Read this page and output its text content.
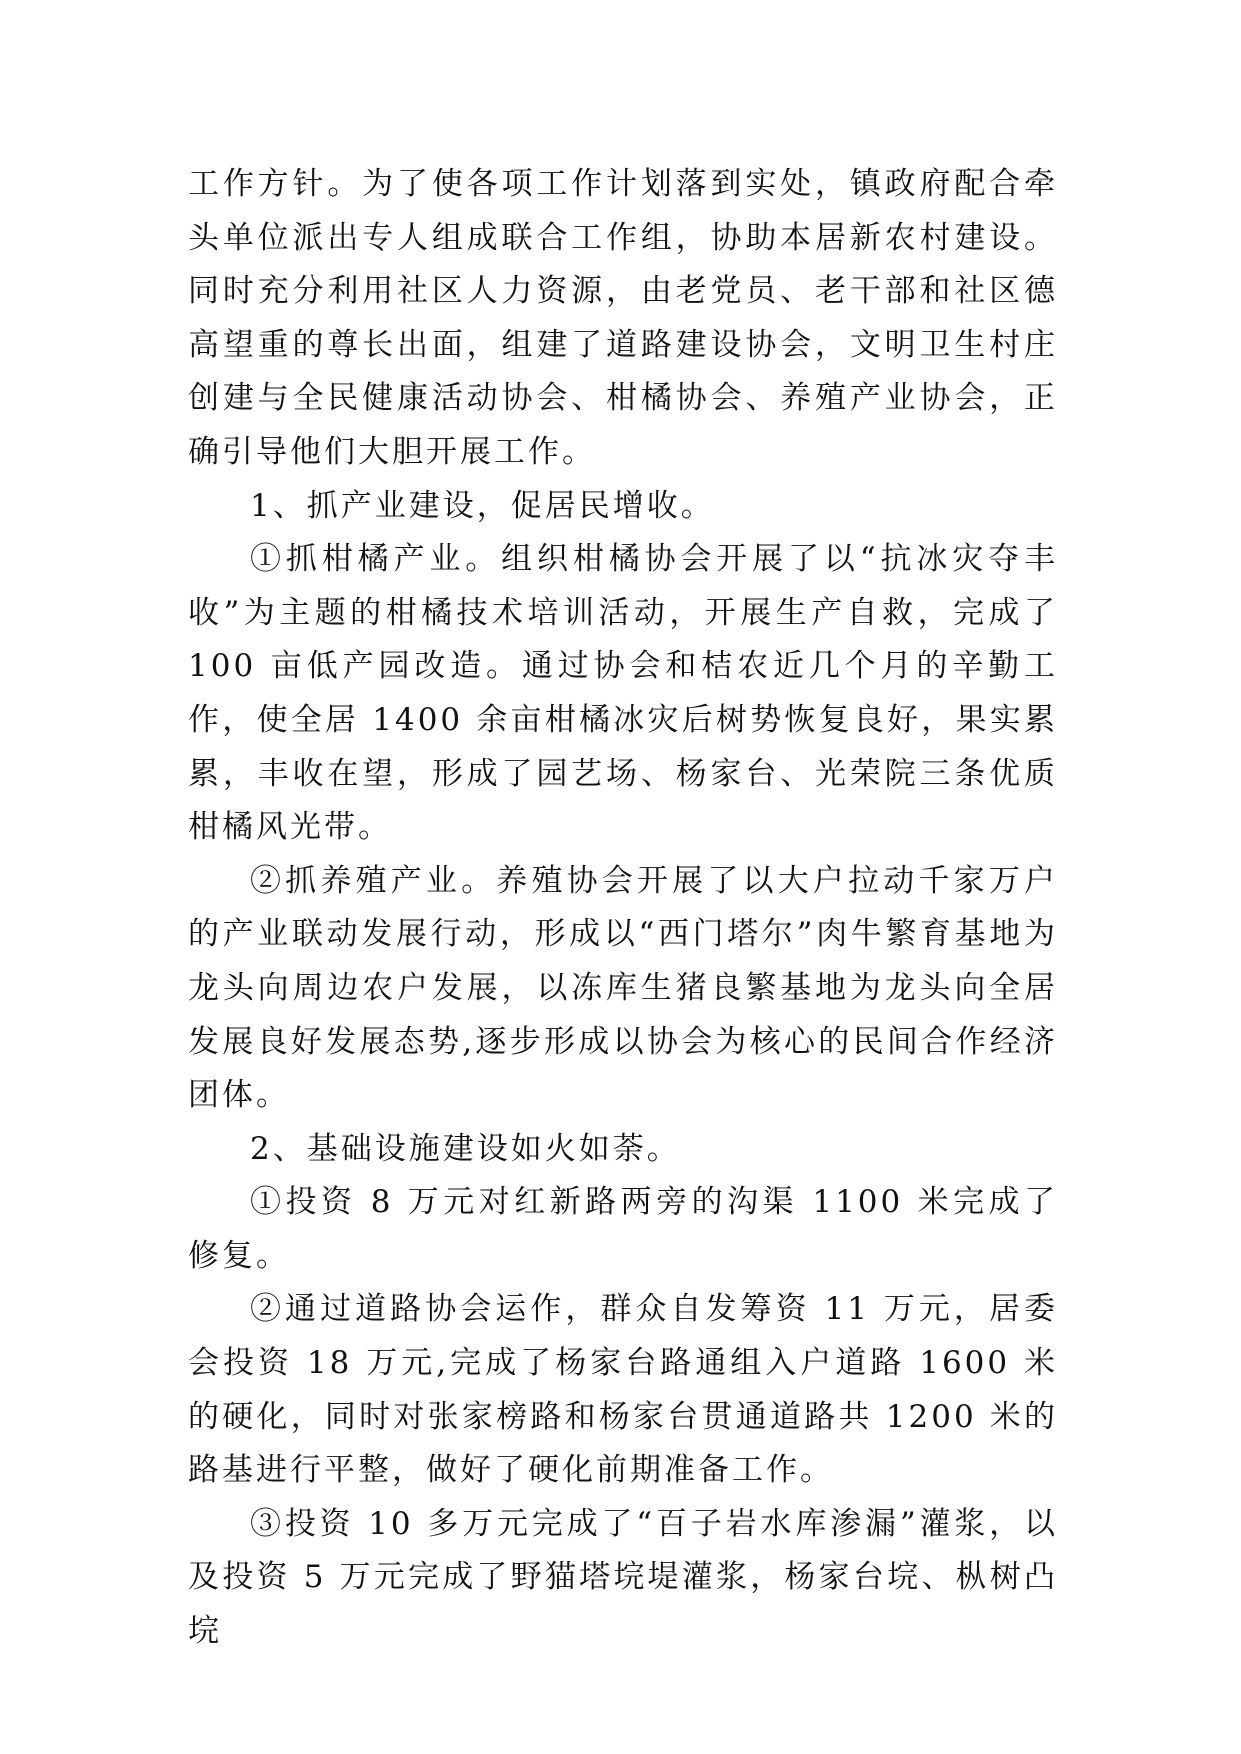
工作方针。为了使各项工作计划落到实处，镇政府配合牵头单位派出专人组成联合工作组，协助本居新农村建设。同时充分利用社区人力资源，由老党员、老干部和社区德高望重的尊长出面，组建了道路建设协会，文明卫生村庄创建与全民健康活动协会、柑橘协会、养殖产业协会，正确引导他们大胆开展工作。

1、抓产业建设，促居民增收。

①抓柑橘产业。组织柑橘协会开展了以“抗冰灾夺丰收”为主题的柑橘技术培训活动，开展生产自救，完成了 100 亩低产园改造。通过协会和桔农近几个月的辛勤工作，使全居 1400 余亩柑橘冰灾后树势恢复良好，果实累累，丰收在望，形成了园艺场、杨家台、光荣院三条优质柑橘风光带。

②抓养殖产业。养殖协会开展了以大户拉动千家万户的产业联动发展行动，形成以“西门塔尔”肉牛繁育基地为龙头向周边农户发展，以冻库生猪良繁基地为龙头向全居发展良好发展态势,逐步形成以协会为核心的民间合作经济团体。

2、基础设施建设如火如荼。

①投资 8 万元对红新路两旁的沟渠 1100 米完成了修复。

②通过道路协会运作，群众自发筹资 11 万元，居委会投资 18 万元,完成了杨家台路通组入户道路 1600 米的硬化，同时对张家榜路和杨家台贯通道路共 1200 米的路基进行平整，做好了硬化前期准备工作。

③投资 10 多万元完成了“百子岩水库渗漏”灌浆，以及投资 5 万元完成了野猫塔垸堤灌浆，杨家台垸、枞树凸垸
